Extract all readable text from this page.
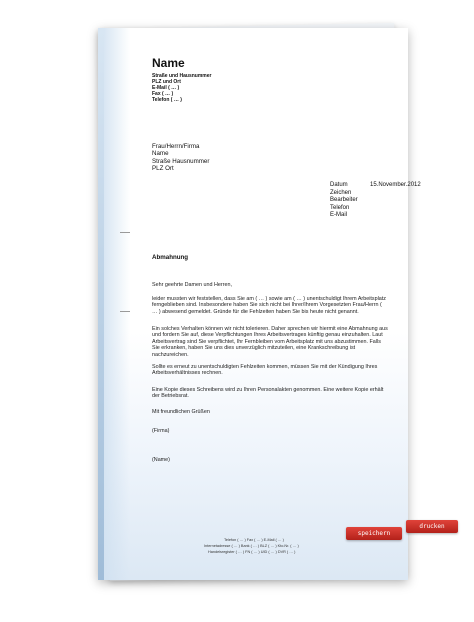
Name
Straße und Hausnummer
PLZ und Ort
E-Mail ( … )
Fax ( … )
Telefon ( … )
Frau/Herrn/Firma
Name
Straße Hausnummer
PLZ Ort
Datum
Zeichen
Bearbeiter
Telefon
E-Mail
15.November.2012
Abmahnung
Sehr geehrte Damen und Herren,
leider mussten wir feststellen, dass Sie am ( … ) sowie am ( … ) unentschuldigt Ihrem Arbeitsplatz ferngeblieben sind. Insbesondere haben Sie sich nicht bei Ihrer/Ihrem Vorgesetzten Frau/Herrn ( … ) abwesend gemeldet. Gründe für die Fehlzeiten haben Sie bis heute nicht genannt.
Ein solches Verhalten können wir nicht tolerieren. Daher sprechen wir hiermit eine Abmahnung aus und fordern Sie auf, diese Verpflichtungen Ihres Arbeitsvertrages künftig genau einzuhalten. Laut Arbeitsvertrag sind Sie verpflichtet, Ihr Fernbleiben vom Arbeitsplatz mit uns abzustimmen. Falls Sie erkranken, haben Sie uns dies unverzüglich mitzuteilen, eine Krankschreibung ist nachzureichen.
Sollte es erneut zu unentschuldigten Fehlzeiten kommen, müssen Sie mit der Kündigung Ihres Arbeitsverhältnisses rechnen.
Eine Kopie dieses Schreibens wird zu Ihren Personalakten genommen. Eine weitere Kopie erhält der Betriebsrat.
Mit freundlichen Grüßen
(Firma)
(Name)
Telefon ( … ) Fax ( … ) E-Mail ( … )
Internetadresse ( … ) Bank ( … ) BLZ ( … ) Kto.Nr. ( … )
Handelsregister ( … ) FN ( … ) UID ( … ) DVR ( … )
speichern
drucken
